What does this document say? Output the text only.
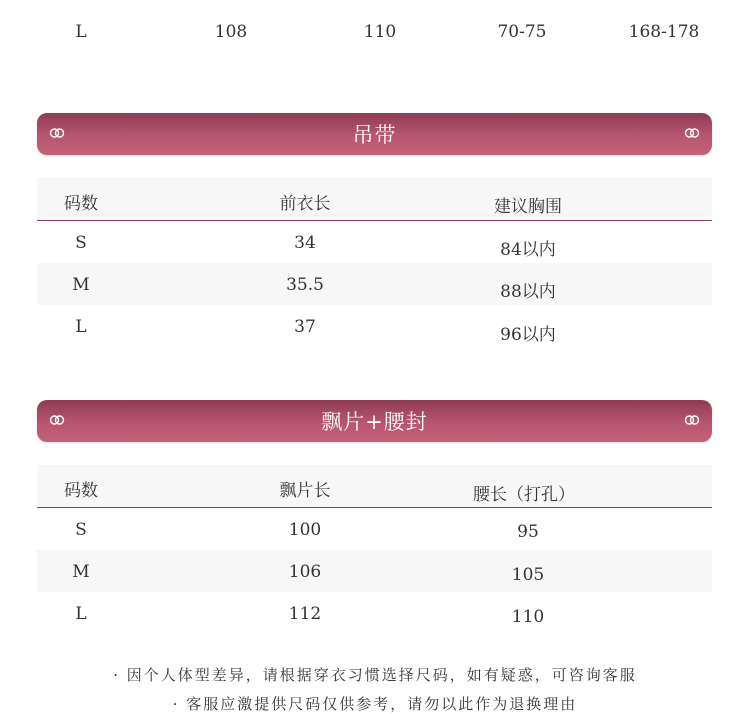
L	108	110	70-75	168-178
吊带
码数	前衣长	建议胸围
S	34	84以内
M	35.5	88以内
L	37	96以内
飘片+腰封
码数	飘片长	腰长（打孔）
S	100	95
M	106	105
L	112	110
· 因个人体型差异，请根据穿衣习惯选择尺码，如有疑惑，可咨询客服
· 客服应激提供尺码仅供参考，请勿以此作为退换理由
